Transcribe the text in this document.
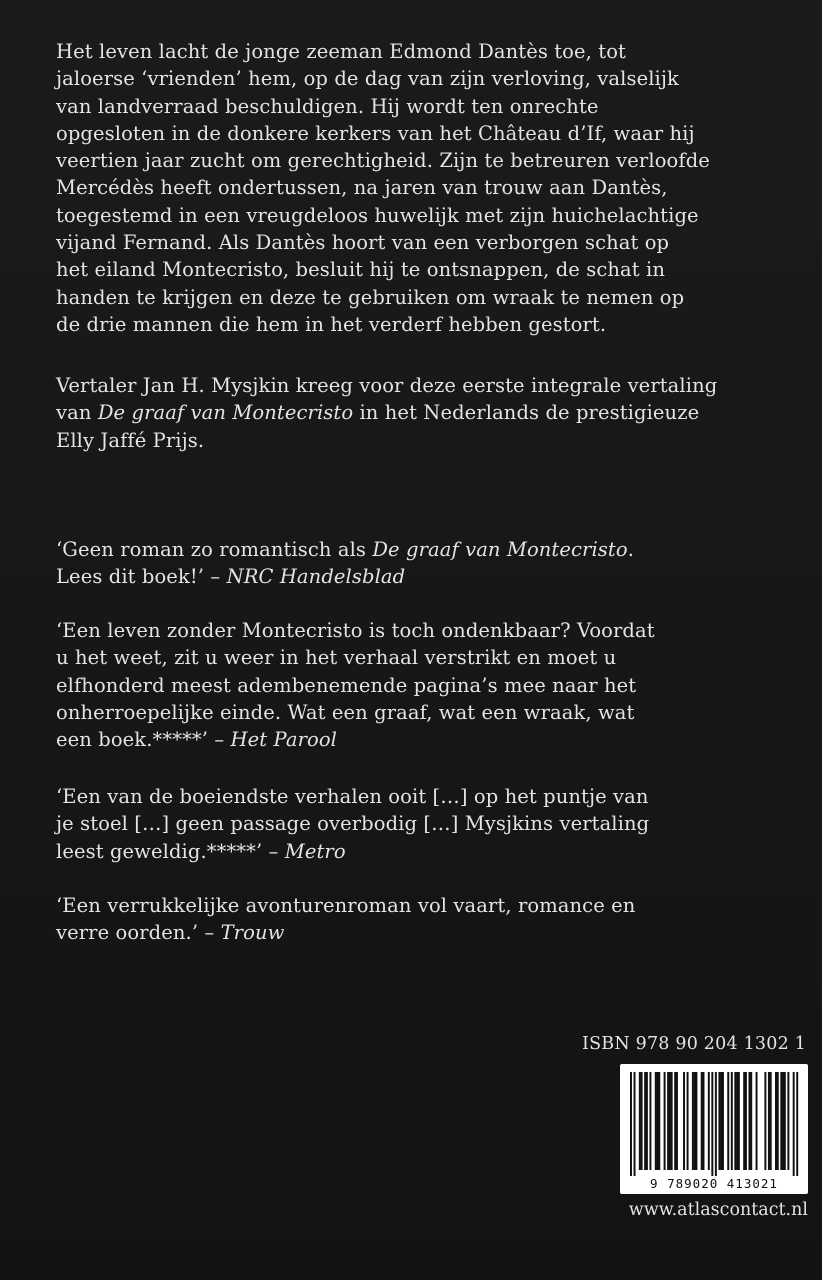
Het leven lacht de jonge zeeman Edmond Dantès toe, tot
jaloerse ‘vrienden’ hem, op de dag van zijn verloving, valselijk
van landverraad beschuldigen. Hij wordt ten onrechte
opgesloten in de donkere kerkers van het Château d’If, waar hij
veertien jaar zucht om gerechtigheid. Zijn te betreuren verloofde
Mercédès heeft ondertussen, na jaren van trouw aan Dantès,
toegestemd in een vreugdeloos huwelijk met zijn huichelachtige
vijand Fernand. Als Dantès hoort van een verborgen schat op
het eiland Montecristo, besluit hij te ontsnappen, de schat in
handen te krijgen en deze te gebruiken om wraak te nemen op
de drie mannen die hem in het verderf hebben gestort.
Vertaler Jan H. Mysjkin kreeg voor deze eerste integrale vertaling
van De graaf van Montecristo in het Nederlands de prestigieuze
Elly Jaffé Prijs.
‘Geen roman zo romantisch als De graaf van Montecristo.
Lees dit boek!’ – NRC Handelsblad
‘Een leven zonder Montecristo is toch ondenkbaar? Voordat
u het weet, zit u weer in het verhaal verstrikt en moet u
elfhonderd meest adembenemende pagina’s mee naar het
onherroepelijke einde. Wat een graaf, wat een wraak, wat
een boek.*****’ – Het Parool
‘Een van de boeiendste verhalen ooit […] op het puntje van
je stoel […] geen passage overbodig […] Mysjkins vertaling
leest geweldig.*****’ – Metro
‘Een verrukkelijke avonturenroman vol vaart, romance en
verre oorden.’ – Trouw
ISBN 978 90 204 1302 1
9 789020 413021
www.atlascontact.nl
